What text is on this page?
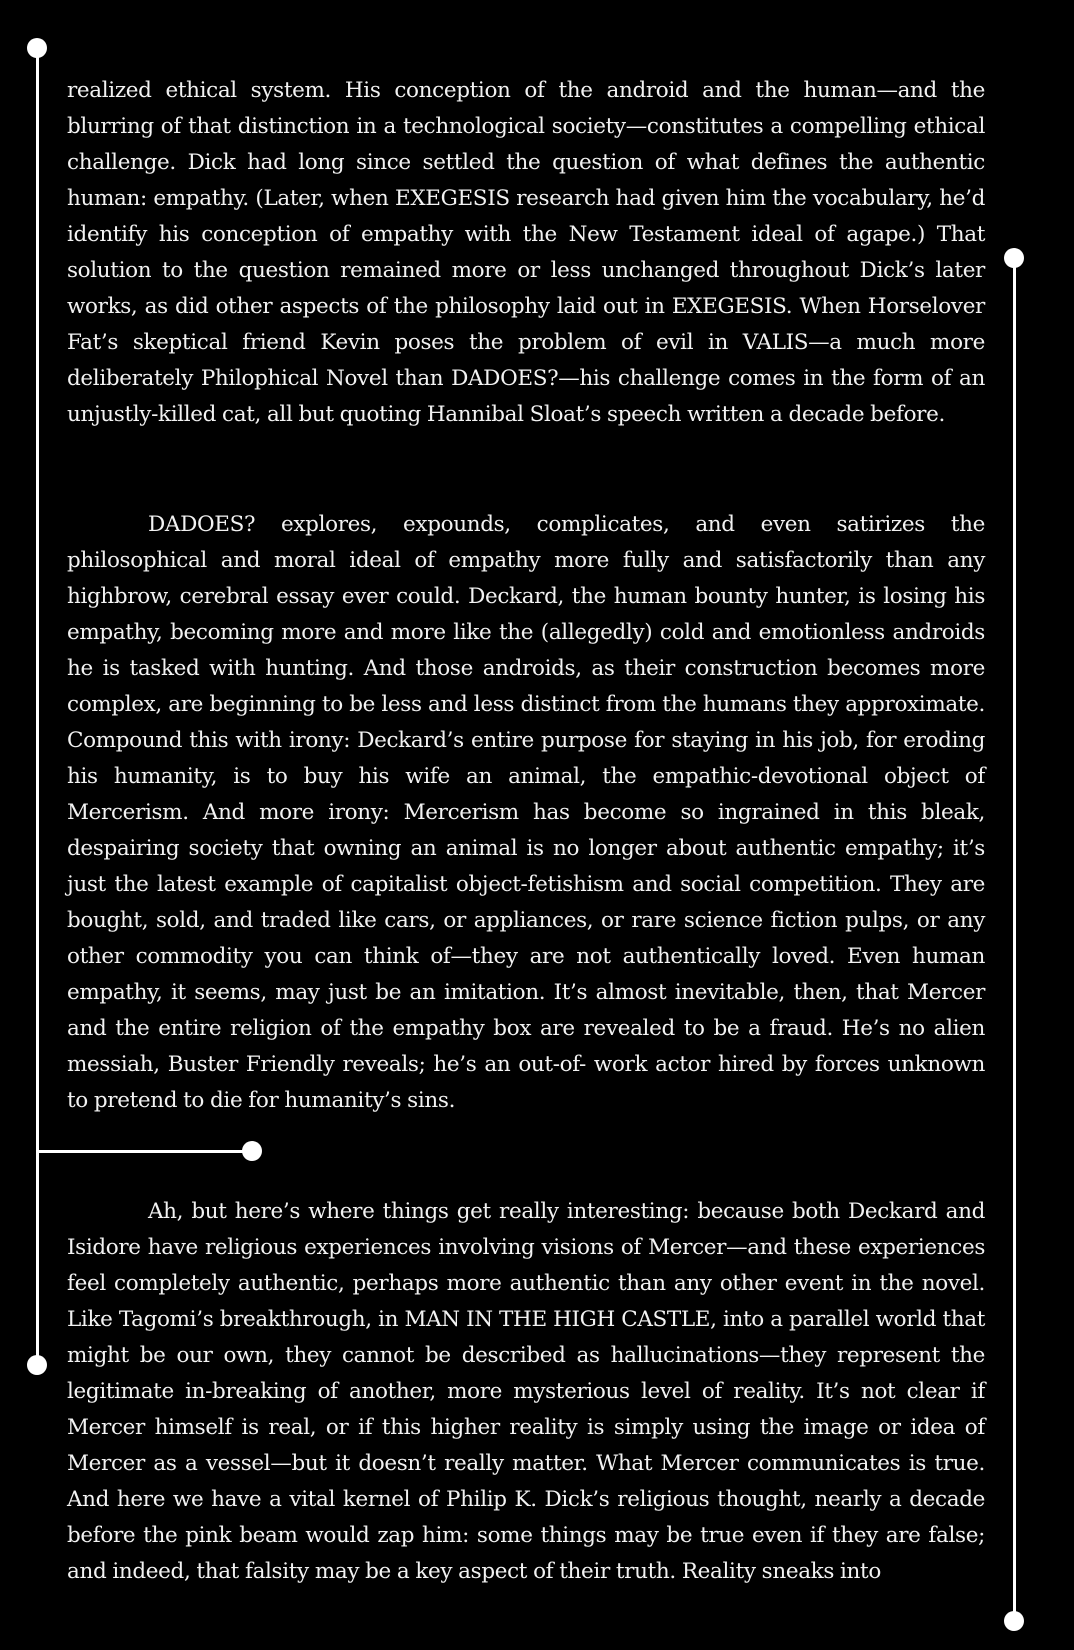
realized ethical system. His conception of the android and the human—and the blurring of that distinction in a technological society—constitutes a compelling ethical challenge. Dick had long since settled the question of what defines the authentic human: empathy. (Later, when EXEGESIS research had given him the vocabulary, he’d identify his conception of empathy with the New Testament ideal of agape.) That solution to the question remained more or less unchanged throughout Dick’s later works, as did other aspects of the philosophy laid out in EXEGESIS. When Horselover Fat’s skeptical friend Kevin poses the problem of evil in VALIS—a much more deliberately Philophical Novel than DADOES?—his challenge comes in the form of an unjustly-killed cat, all but quoting Hannibal Sloat’s speech written a decade before.

DADOES? explores, expounds, complicates, and even satirizes the philosophical and moral ideal of empathy more fully and satisfactorily than any highbrow, cerebral essay ever could. Deckard, the human bounty hunter, is losing his empathy, becoming more and more like the (allegedly) cold and emotionless androids he is tasked with hunting. And those androids, as their construction becomes more complex, are beginning to be less and less distinct from the humans they approximate. Compound this with irony: Deckard’s entire purpose for staying in his job, for eroding his humanity, is to buy his wife an animal, the empathic-devotional object of Mercerism. And more irony: Mercerism has become so ingrained in this bleak, despairing society that owning an animal is no longer about authentic empathy; it’s just the latest example of capitalist object-fetishism and social competition. They are bought, sold, and traded like cars, or appliances, or rare science fiction pulps, or any other commodity you can think of—they are not authentically loved. Even human empathy, it seems, may just be an imitation. It’s almost inevitable, then, that Mercer and the entire religion of the empathy box are revealed to be a fraud. He’s no alien messiah, Buster Friendly reveals; he’s an out-of- work actor hired by forces unknown to pretend to die for humanity’s sins.

Ah, but here’s where things get really interesting: because both Deckard and Isidore have religious experiences involving visions of Mercer—and these experiences feel completely authentic, perhaps more authentic than any other event in the novel. Like Tagomi’s breakthrough, in MAN IN THE HIGH CASTLE, into a parallel world that might be our own, they cannot be described as hallucinations—they represent the legitimate in-breaking of another, more mysterious level of reality. It’s not clear if Mercer himself is real, or if this higher reality is simply using the image or idea of Mercer as a vessel—but it doesn’t really matter. What Mercer communicates is true. And here we have a vital kernel of Philip K. Dick’s religious thought, nearly a decade before the pink beam would zap him: some things may be true even if they are false; and indeed, that falsity may be a key aspect of their truth. Reality sneaks into
